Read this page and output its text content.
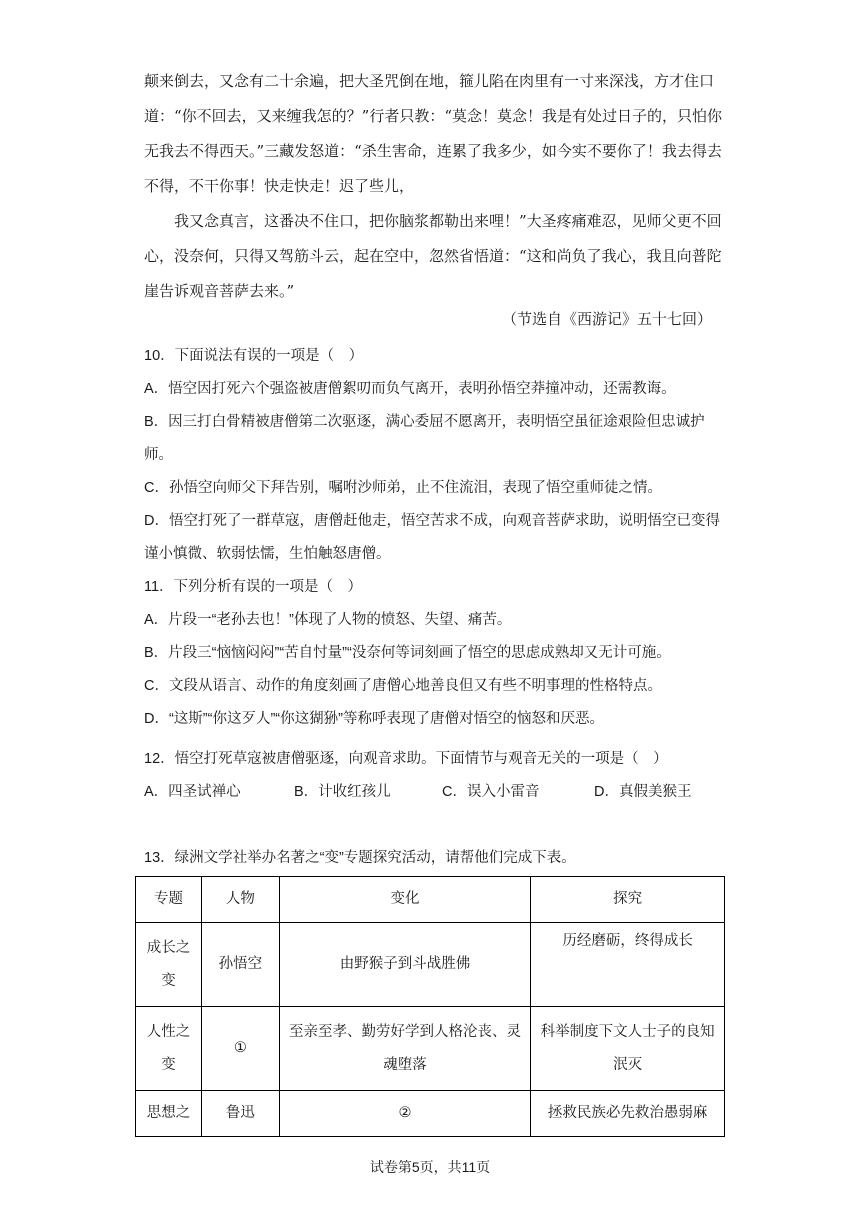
颠来倒去，又念有二十余遍，把大圣咒倒在地，箍儿陷在肉里有一寸来深浅，方才住口道：“你不回去，又来缠我怎的？”行者只教：“莫念！莫念！我是有处过日子的，只怕你无我去不得西天。”三藏发怒道：“杀生害命，连累了我多少，如今实不要你了！我去得去不得，不干你事！快走快走！迟了些儿，

我又念真言，这番决不住口，把你脑浆都勒出来哩！”大圣疼痛难忍，见师父更不回心，没奈何，只得又驾筋斗云，起在空中，忽然省悟道：“这和尚负了我心，我且向普陀崖告诉观音菩萨去来。”

（节选自《西游记》五十七回）

10．下面说法有误的一项是（　）

A．悟空因打死六个强盗被唐僧絮叨而负气离开，表明孙悟空莽撞冲动，还需教诲。

B．因三打白骨精被唐僧第二次驱逐，满心委屈不愿离开，表明悟空虽征途艰险但忠诚护师。

C．孙悟空向师父下拜告别，嘱咐沙师弟，止不住流泪，表现了悟空重师徒之情。

D．悟空打死了一群草寇，唐僧赶他走，悟空苦求不成，向观音菩萨求助，说明悟空已变得谨小慎微、软弱怯懦，生怕触怒唐僧。

11．下列分析有误的一项是（　）

A．片段一“老孙去也！”体现了人物的愤怒、失望、痛苦。

B．片段三“恼恼闷闷”“苦自忖量”“没奈何等词刻画了悟空的思虑成熟却又无计可施。

C．文段从语言、动作的角度刻画了唐僧心地善良但又有些不明事理的性格特点。

D．“这斯”“你这歹人”“你这猢狲”等称呼表现了唐僧对悟空的恼怒和厌恶。

12．悟空打死草寇被唐僧驱逐，向观音求助。下面情节与观音无关的一项是（　）

A．四圣试禅心	B．计收红孩儿	C．误入小雷音	D．真假美猴王

13．绿洲文学社举办名著之“变”专题探究活动，请帮他们完成下表。

专题	人物	变化	探究
成长之变	孙悟空	由野猴子到斗战胜佛	历经磨砺，终得成长
人性之变	①	至亲至孝、勤劳好学到人格沦丧、灵魂堕落	科举制度下文人士子的良知泯灭
思想之	鲁迅	②	拯救民族必先救治愚弱麻
试卷第5页，共11页
